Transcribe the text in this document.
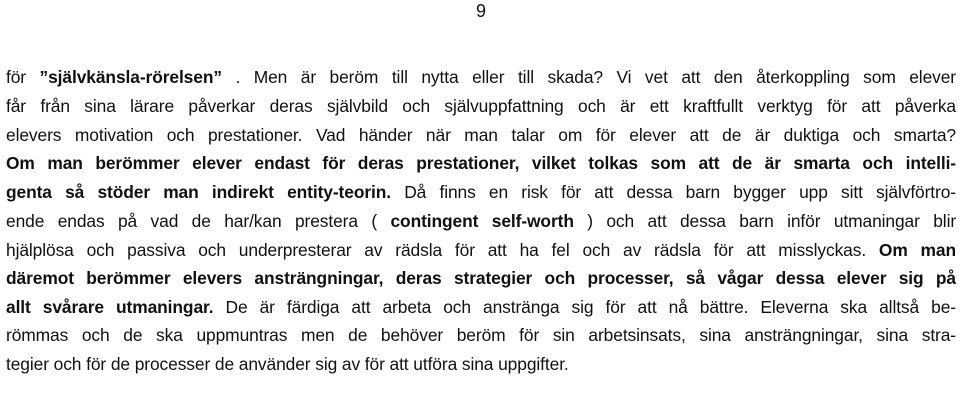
9
för ”självkänsla-rörelsen” . Men är beröm till nytta eller till skada? Vi vet att den återkoppling som elever
får från sina lärare påverkar deras självbild och självuppfattning och är ett kraftfullt verktyg för att påverka
elevers motivation och prestationer. Vad händer när man talar om för elever att de är duktiga och smarta?
Om man berömmer elever endast för deras prestationer, vilket tolkas som att de är smarta och intelli-
genta så stöder man indirekt entity-teorin. Då finns en risk för att dessa barn bygger upp sitt självförtro-
ende endas på vad de har/kan prestera ( contingent self-worth ) och att dessa barn inför utmaningar blir
hjälplösa och passiva och underpresterar av rädsla för att ha fel och av rädsla för att misslyckas. Om man
däremot berömmer elevers ansträngningar, deras strategier och processer, så vågar dessa elever sig på
allt svårare utmaningar. De är färdiga att arbeta och anstränga sig för att nå bättre. Eleverna ska alltså be-
römmas och de ska uppmuntras men de behöver beröm för sin arbetsinsats, sina ansträngningar, sina stra-
tegier och för de processer de använder sig av för att utföra sina uppgifter.
